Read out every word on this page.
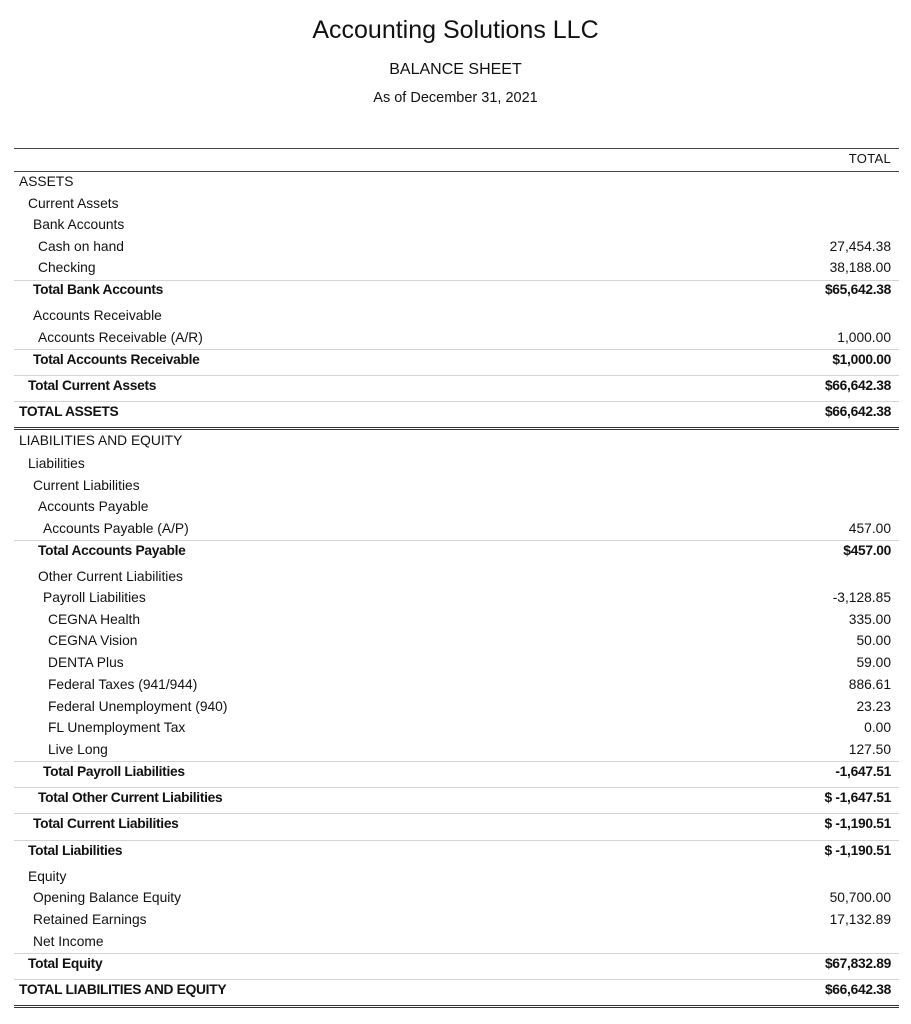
Accounting Solutions LLC
BALANCE SHEET
As of December 31, 2021
TOTAL
ASSETS
Current Assets
Bank Accounts
Cash on hand	27,454.38
Checking	38,188.00
Total Bank Accounts	$65,642.38
Accounts Receivable
Accounts Receivable (A/R)	1,000.00
Total Accounts Receivable	$1,000.00
Total Current Assets	$66,642.38
TOTAL ASSETS	$66,642.38
LIABILITIES AND EQUITY
Liabilities
Current Liabilities
Accounts Payable
Accounts Payable (A/P)	457.00
Total Accounts Payable	$457.00
Other Current Liabilities
Payroll Liabilities	-3,128.85
CEGNA Health	335.00
CEGNA Vision	50.00
DENTA Plus	59.00
Federal Taxes (941/944)	886.61
Federal Unemployment (940)	23.23
FL Unemployment Tax	0.00
Live Long	127.50
Total Payroll Liabilities	-1,647.51
Total Other Current Liabilities	$ -1,647.51
Total Current Liabilities	$ -1,190.51
Total Liabilities	$ -1,190.51
Equity
Opening Balance Equity	50,700.00
Retained Earnings	17,132.89
Net Income
Total Equity	$67,832.89
TOTAL LIABILITIES AND EQUITY	$66,642.38
